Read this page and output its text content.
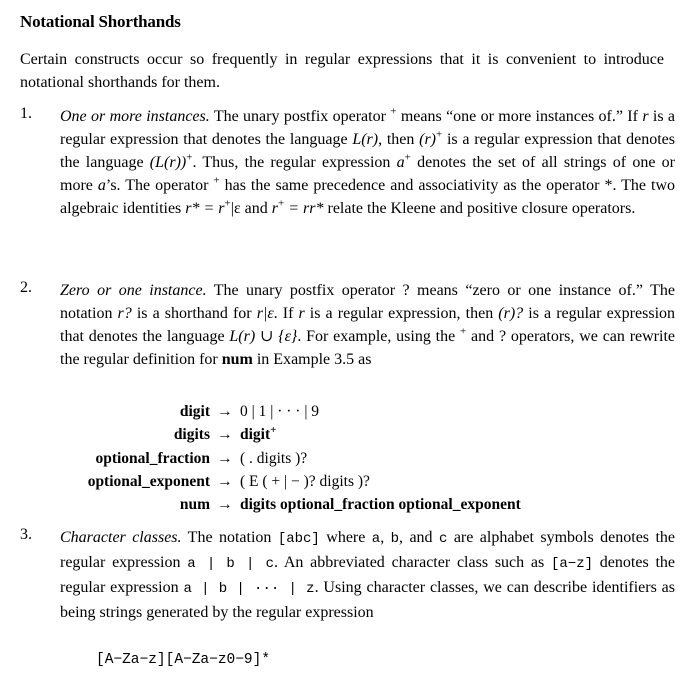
Notational Shorthands
Certain constructs occur so frequently in regular expressions that it is convenient to introduce notational shorthands for them.
1.	One or more instances. The unary postfix operator + means “one or more instances of.” If r is a regular expression that denotes the language L(r), then (r)+ is a regular expression that denotes the language (L(r))+. Thus, the regular expression a+ denotes the set of all strings of one or more a’s. The operator + has the same precedence and associativity as the operator *. The two algebraic identities r* = r+|ε and r+ = rr* relate the Kleene and positive closure operators.
2.	Zero or one instance. The unary postfix operator ? means “zero or one instance of.” The notation r? is a shorthand for r|ε. If r is a regular expression, then (r)? is a regular expression that denotes the language L(r) ∪ {ε}. For example, using the + and ? operators, we can rewrite the regular definition for num in Example 3.5 as
digit → 0 | 1 | · · · | 9
digits → digit+
optional_fraction → ( . digits )?
optional_exponent → ( E ( + | − )? digits )?
num → digits optional_fraction optional_exponent
3.	Character classes. The notation [abc] where a, b, and c are alphabet symbols denotes the regular expression a | b | c. An abbreviated character class such as [a−z] denotes the regular expression a | b | ··· | z. Using character classes, we can describe identifiers as being strings generated by the regular expression
[A−Za−z][A−Za−z0−9]*
